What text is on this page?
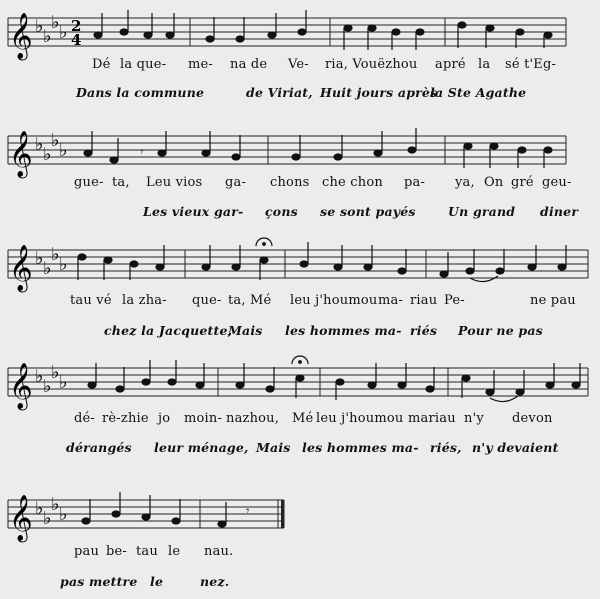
𝄞 ♭ ♭
♭ ♭ 2
4
Dé la que- me- na de Ve- ria, Vouëzhou apré la sé t'Eg-
Dans la commune	de Viriat, Huit jours après
la Ste Agathe
𝄞 ♭ ♭
♭ ♭	𝄾
gue- ta, Leu vios ga- chons che chon pa- ya, On gré geu-
Les vieux gar- çons se sont payés	Un grand diner
𝄞 ♭ ♭
♭ ♭
tau vé la zha- que- ta, Mé leu j'houmou ma- riau Pe-	ne pau
chez la Jacquette,
Mais les hommes ma- riés Pour ne pas
𝄞 ♭ ♭
♭ ♭
dé- rè-zhie jo moin- nazhou, Mé leu j'houmou mariau n'y devon
dérangés leur ménage, Mais les hommes ma- riés, n'y devaient
𝄞 ♭ ♭
♭ ♭	𝄾
pau be- tau le nau.
pas mettre le	nez.
